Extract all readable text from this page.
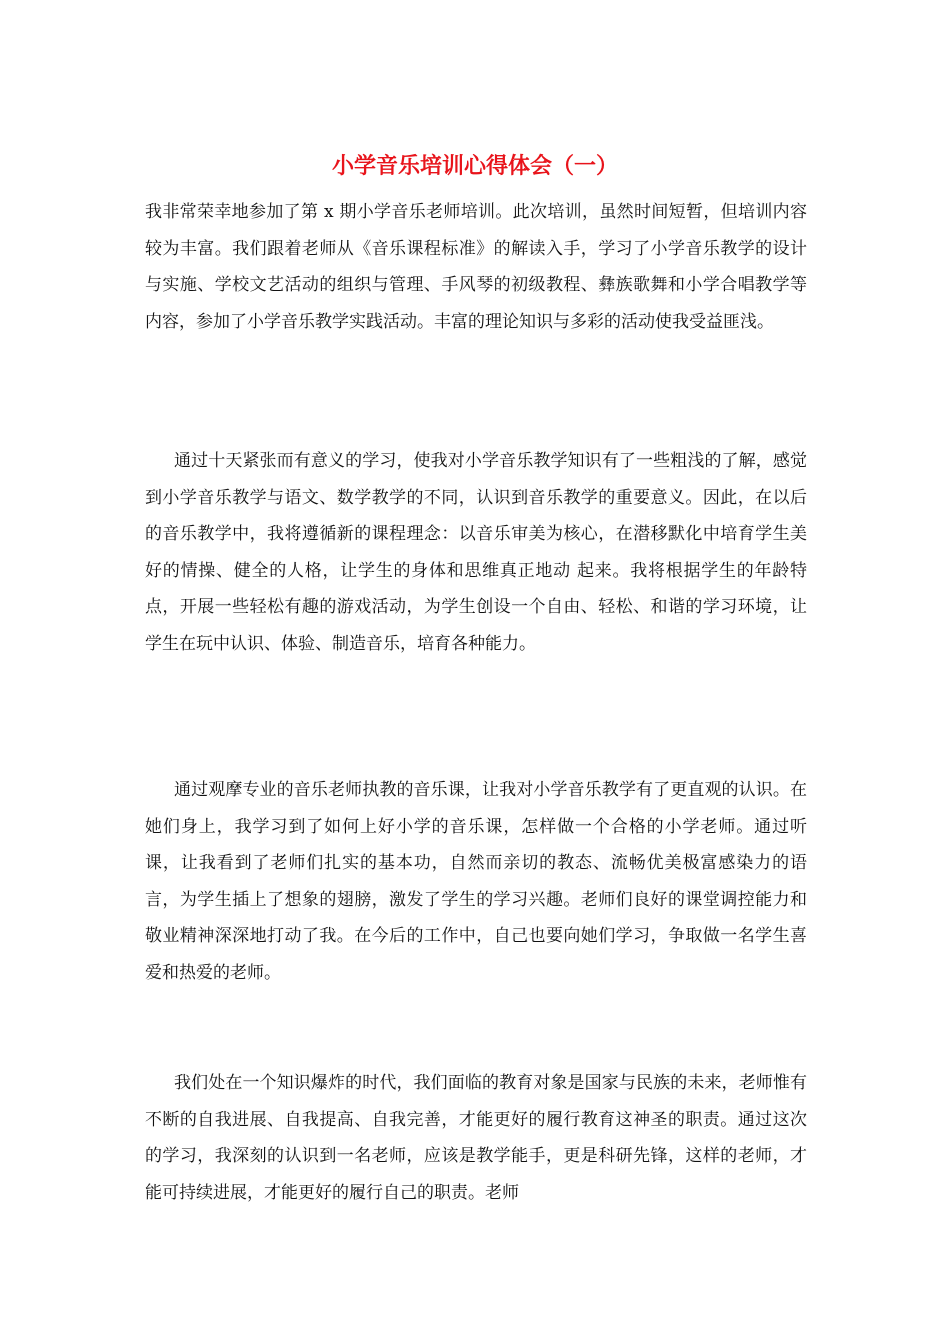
小学音乐培训心得体会（一）

我非常荣幸地参加了第 x 期小学音乐老师培训。此次培训，虽然时间短暂，但培训内容较为丰富。我们跟着老师从《音乐课程标准》的解读入手，学习了小学音乐教学的设计与实施、学校文艺活动的组织与管理、手风琴的初级教程、彝族歌舞和小学合唱教学等内容，参加了小学音乐教学实践活动。丰富的理论知识与多彩的活动使我受益匪浅。

通过十天紧张而有意义的学习，使我对小学音乐教学知识有了一些粗浅的了解，感觉到小学音乐教学与语文、数学教学的不同，认识到音乐教学的重要意义。因此，在以后的音乐教学中，我将遵循新的课程理念：以音乐审美为核心，在潜移默化中培育学生美好的情操、健全的人格，让学生的身体和思维真正地动 起来。我将根据学生的年龄特点，开展一些轻松有趣的游戏活动，为学生创设一个自由、轻松、和谐的学习环境，让学生在玩中认识、体验、制造音乐，培育各种能力。

通过观摩专业的音乐老师执教的音乐课，让我对小学音乐教学有了更直观的认识。在她们身上，我学习到了如何上好小学的音乐课，怎样做一个合格的小学老师。通过听课，让我看到了老师们扎实的基本功，自然而亲切的教态、流畅优美极富感染力的语言，为学生插上了想象的翅膀，激发了学生的学习兴趣。老师们良好的课堂调控能力和敬业精神深深地打动了我。在今后的工作中，自己也要向她们学习，争取做一名学生喜爱和热爱的老师。

我们处在一个知识爆炸的时代，我们面临的教育对象是国家与民族的未来，老师惟有不断的自我进展、自我提高、自我完善，才能更好的履行教育这神圣的职责。通过这次的学习，我深刻的认识到一名老师，应该是教学能手，更是科研先锋，这样的老师，才能可持续进展，才能更好的履行自己的职责。老师
